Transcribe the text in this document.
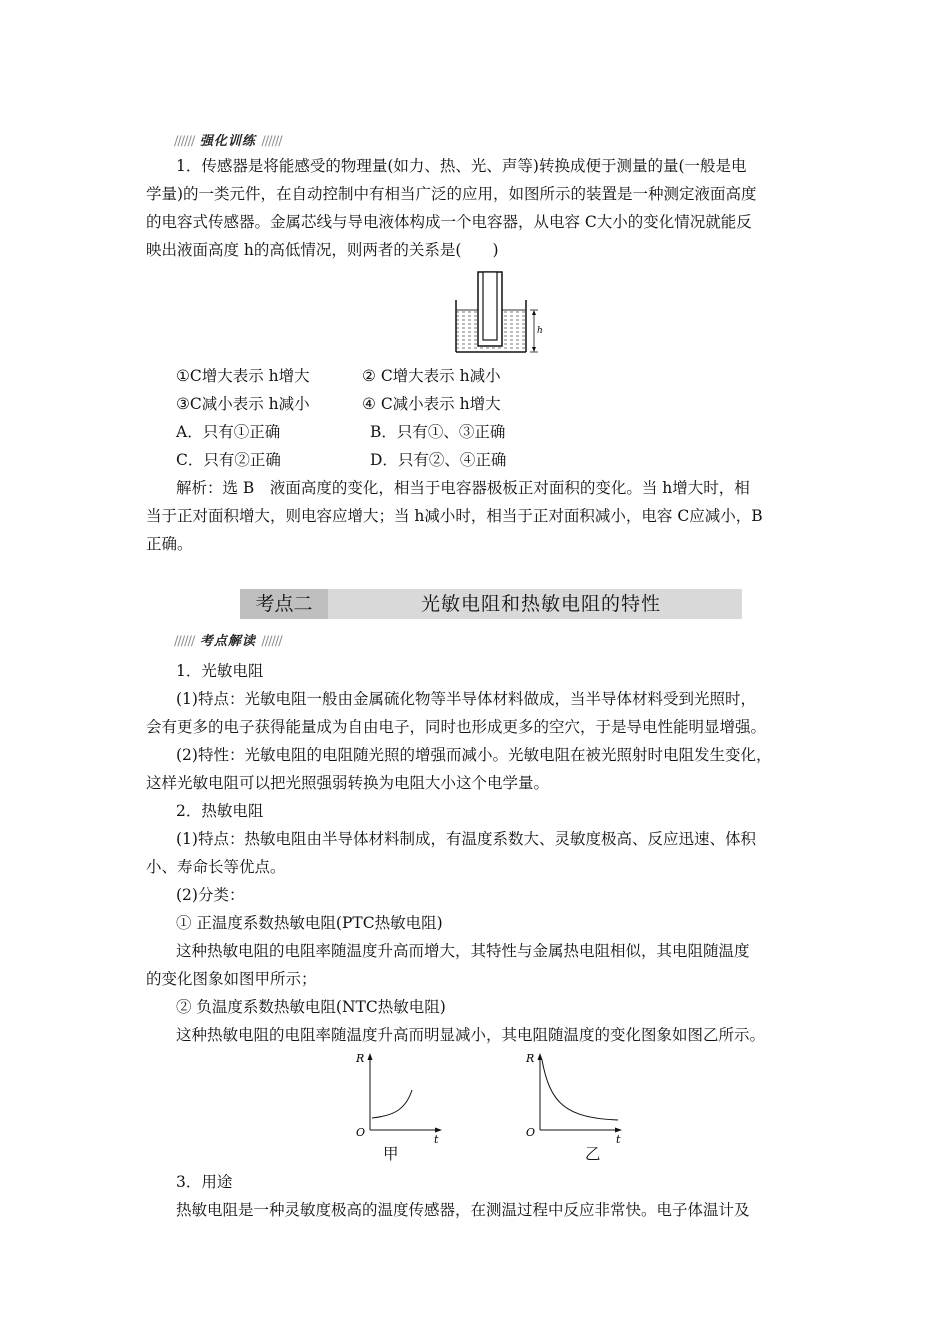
////// 强化训练 //////
1．传感器是将能感受的物理量(如力、热、光、声等)转换成便于测量的量(一般是电
学量)的一类元件，在自动控制中有相当广泛的应用，如图所示的装置是一种测定液面高度
的电容式传感器。金属芯线与导电液体构成一个电容器，从电容 C大小的变化情况就能反
映出液面高度 h的高低情况，则两者的关系是(　　)
h
①C增大表示 h增大	② C增大表示 h减小
③C减小表示 h减小	④ C减小表示 h增大
A．只有①正确	B．只有①、③正确
C．只有②正确	D．只有②、④正确
解析：选 B　液面高度的变化，相当于电容器极板正对面积的变化。当 h增大时，相
当于正对面积增大，则电容应增大；当 h减小时，相当于正对面积减小，电容 C应减小，B
正确。
考点二	光敏电阻和热敏电阻的特性
////// 考点解读 //////
1．光敏电阻
(1)特点：光敏电阻一般由金属硫化物等半导体材料做成，当半导体材料受到光照时，
会有更多的电子获得能量成为自由电子，同时也形成更多的空穴，于是导电性能明显增强。
(2)特性：光敏电阻的电阻随光照的增强而减小。光敏电阻在被光照射时电阻发生变化，
这样光敏电阻可以把光照强弱转换为电阻大小这个电学量。
2．热敏电阻
(1)特点：热敏电阻由半导体材料制成，有温度系数大、灵敏度极高、反应迅速、体积
小、寿命长等优点。
(2)分类：
① 正温度系数热敏电阻(PTC热敏电阻)
这种热敏电阻的电阻率随温度升高而增大，其特性与金属热电阻相似，其电阻随温度
的变化图象如图甲所示；
② 负温度系数热敏电阻(NTC热敏电阻)
这种热敏电阻的电阻率随温度升高而明显减小，其电阻随温度的变化图象如图乙所示。
R
O
t
甲
R
O
t
乙
3．用途
热敏电阻是一种灵敏度极高的温度传感器，在测温过程中反应非常快。电子体温计及
